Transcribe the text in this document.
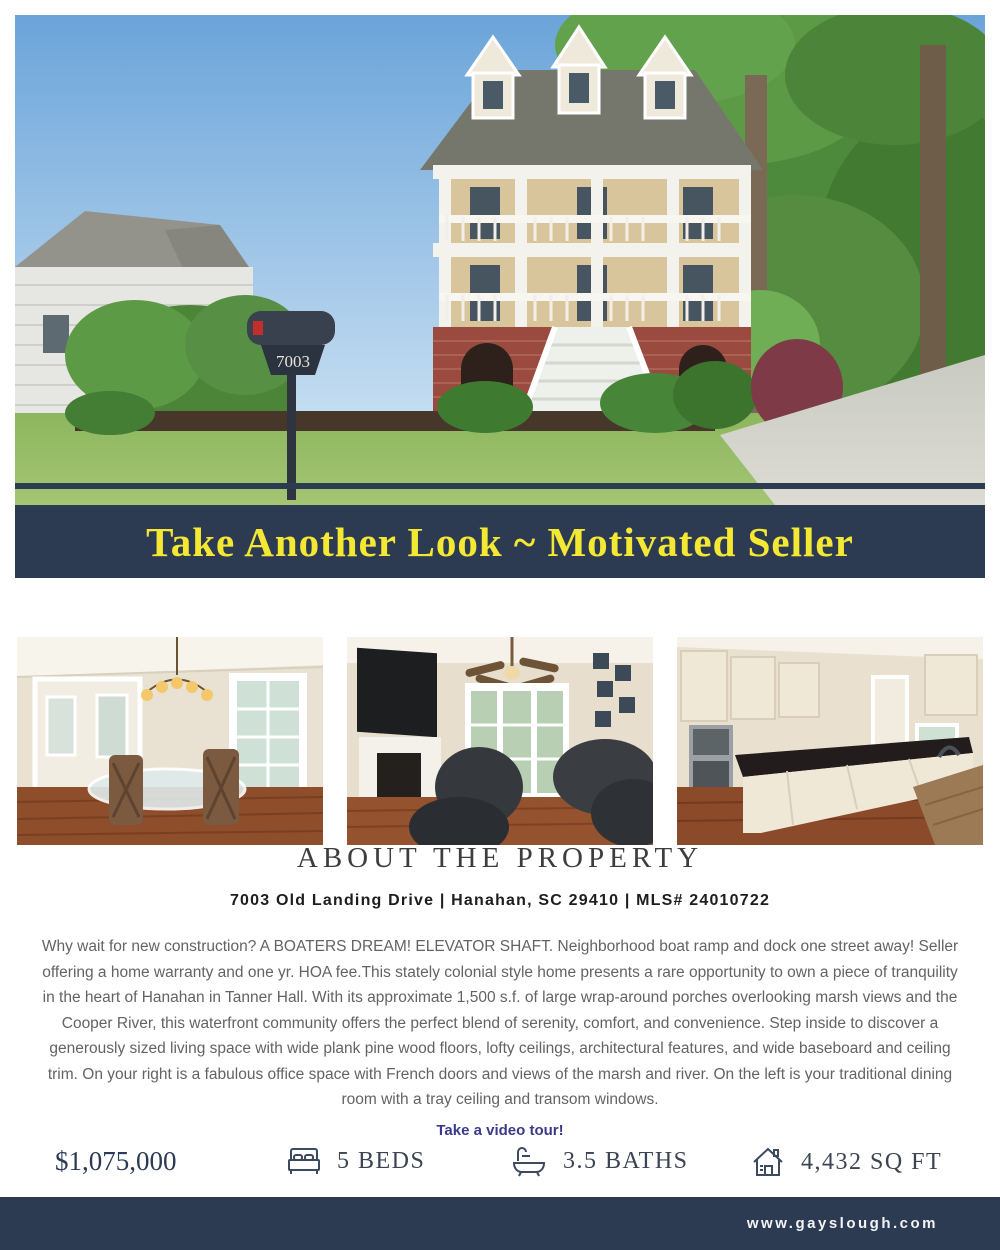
7003
Take Another Look ~ Motivated Seller
ABOUT THE PROPERTY
7003 Old Landing Drive | Hanahan, SC 29410 | MLS# 24010722
Why wait for new construction? A BOATERS DREAM! ELEVATOR SHAFT. Neighborhood boat ramp and dock one street away! Seller offering a home warranty and one yr. HOA fee.This stately colonial style home presents a rare opportunity to own a piece of tranquility in the heart of Hanahan in Tanner Hall. With its approximate 1,500 s.f. of large wrap-around porches overlooking marsh views and the Cooper River, this waterfront community offers the perfect blend of serenity, comfort, and convenience. Step inside to discover a generously sized living space with wide plank pine wood floors, lofty ceilings, architectural features, and wide baseboard and ceiling trim. On your right is a fabulous office space with French doors and views of the marsh and river. On the left is your traditional dining room with a tray ceiling and transom windows.
Take a video tour!
$1,075,000	5 BEDS	3.5 BATHS	4,432 SQ FT
www.gayslough.com
